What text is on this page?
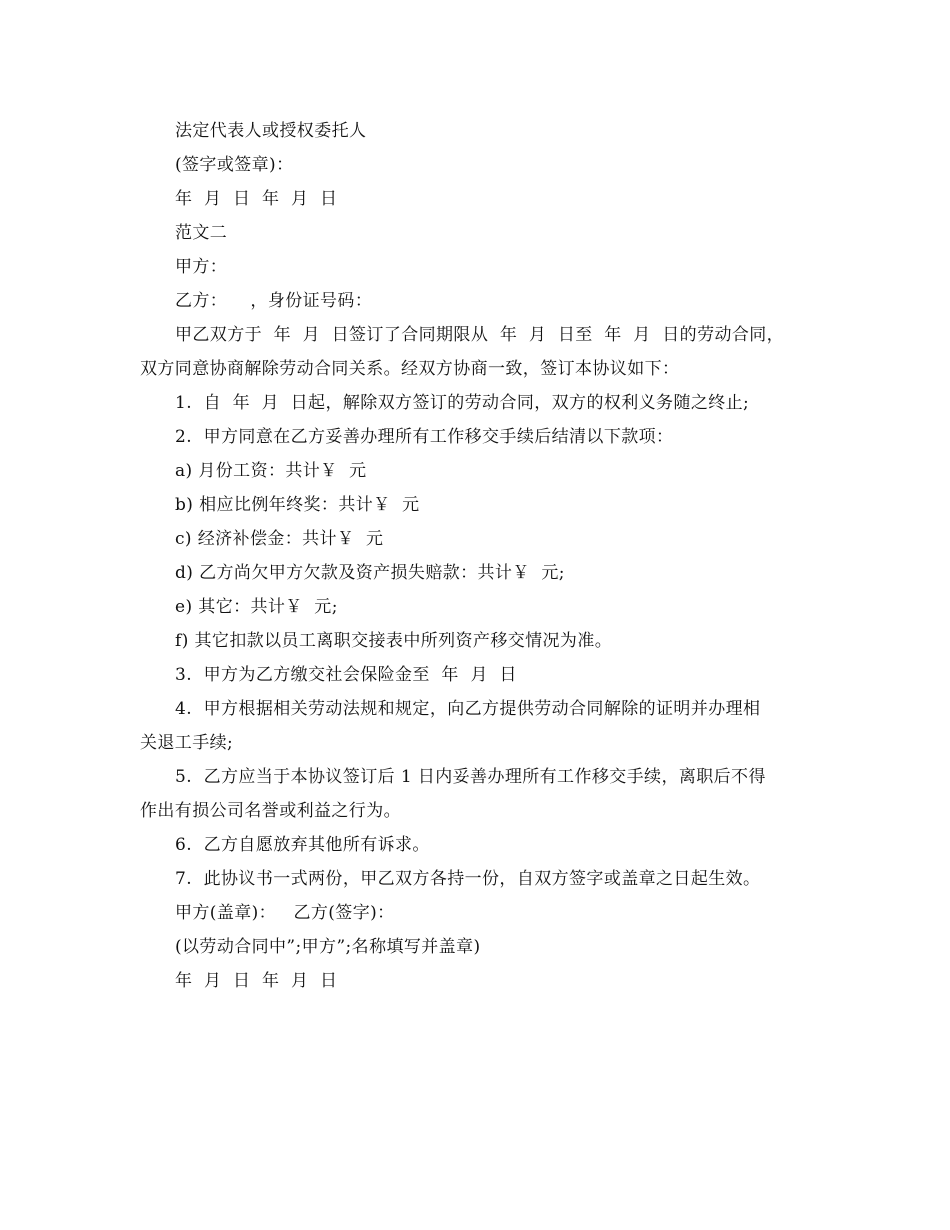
法定代表人或授权委托人
(签字或签章)：
年  月  日  年  月  日
范文二
甲方：
乙方：    ，身份证号码：
甲乙双方于  年  月  日签订了合同期限从  年  月  日至  年  月  日的劳动合同，
双方同意协商解除劳动合同关系。经双方协商一致，签订本协议如下：
1.  自  年  月  日起，解除双方签订的劳动合同，双方的权利义务随之终止;
2.  甲方同意在乙方妥善办理所有工作移交手续后结清以下款项：
a) 月份工资：共计￥  元
b) 相应比例年终奖：共计￥  元
c) 经济补偿金：共计￥  元
d) 乙方尚欠甲方欠款及资产损失赔款：共计￥  元;
e) 其它：共计￥  元;
f) 其它扣款以员工离职交接表中所列资产移交情况为准。
3.  甲方为乙方缴交社会保险金至  年  月  日
4.  甲方根据相关劳动法规和规定，向乙方提供劳动合同解除的证明并办理相
关退工手续;
5.  乙方应当于本协议签订后 1 日内妥善办理所有工作移交手续，离职后不得
作出有损公司名誉或利益之行为。
6.  乙方自愿放弃其他所有诉求。
7.  此协议书一式两份，甲乙双方各持一份，自双方签字或盖章之日起生效。
甲方(盖章)：   乙方(签字)：
(以劳动合同中”;甲方”;名称填写并盖章)
年  月  日  年  月  日
